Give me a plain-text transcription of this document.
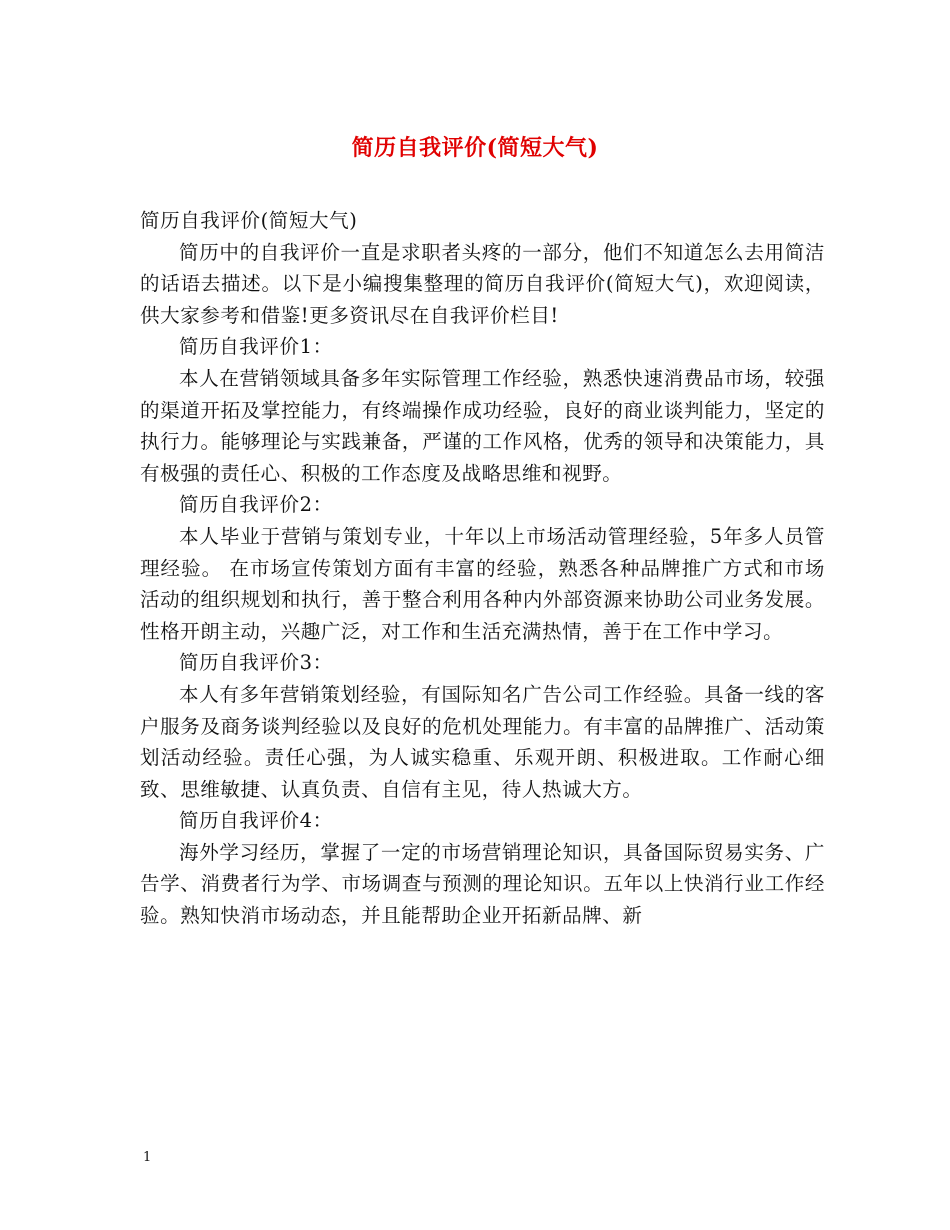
简历自我评价(简短大气)

简历自我评价(简短大气)

简历中的自我评价一直是求职者头疼的一部分，他们不知道怎么去用简洁的话语去描述。以下是小编搜集整理的简历自我评价(简短大气)，欢迎阅读，供大家参考和借鉴!更多资讯尽在自我评价栏目!

简历自我评价1：

本人在营销领域具备多年实际管理工作经验，熟悉快速消费品市场，较强的渠道开拓及掌控能力，有终端操作成功经验，良好的商业谈判能力，坚定的执行力。能够理论与实践兼备，严谨的工作风格，优秀的领导和决策能力，具有极强的责任心、积极的工作态度及战略思维和视野。

简历自我评价2：

本人毕业于营销与策划专业，十年以上市场活动管理经验，5年多人员管理经验。 在市场宣传策划方面有丰富的经验，熟悉各种品牌推广方式和市场活动的组织规划和执行，善于整合利用各种内外部资源来协助公司业务发展。性格开朗主动，兴趣广泛，对工作和生活充满热情，善于在工作中学习。

简历自我评价3：

本人有多年营销策划经验，有国际知名广告公司工作经验。具备一线的客户服务及商务谈判经验以及良好的危机处理能力。有丰富的品牌推广、活动策划活动经验。责任心强，为人诚实稳重、乐观开朗、积极进取。工作耐心细致、思维敏捷、认真负责、自信有主见，待人热诚大方。

简历自我评价4：

海外学习经历，掌握了一定的市场营销理论知识，具备国际贸易实务、广告学、消费者行为学、市场调查与预测的理论知识。五年以上快消行业工作经验。熟知快消市场动态，并且能帮助企业开拓新品牌、新

1
